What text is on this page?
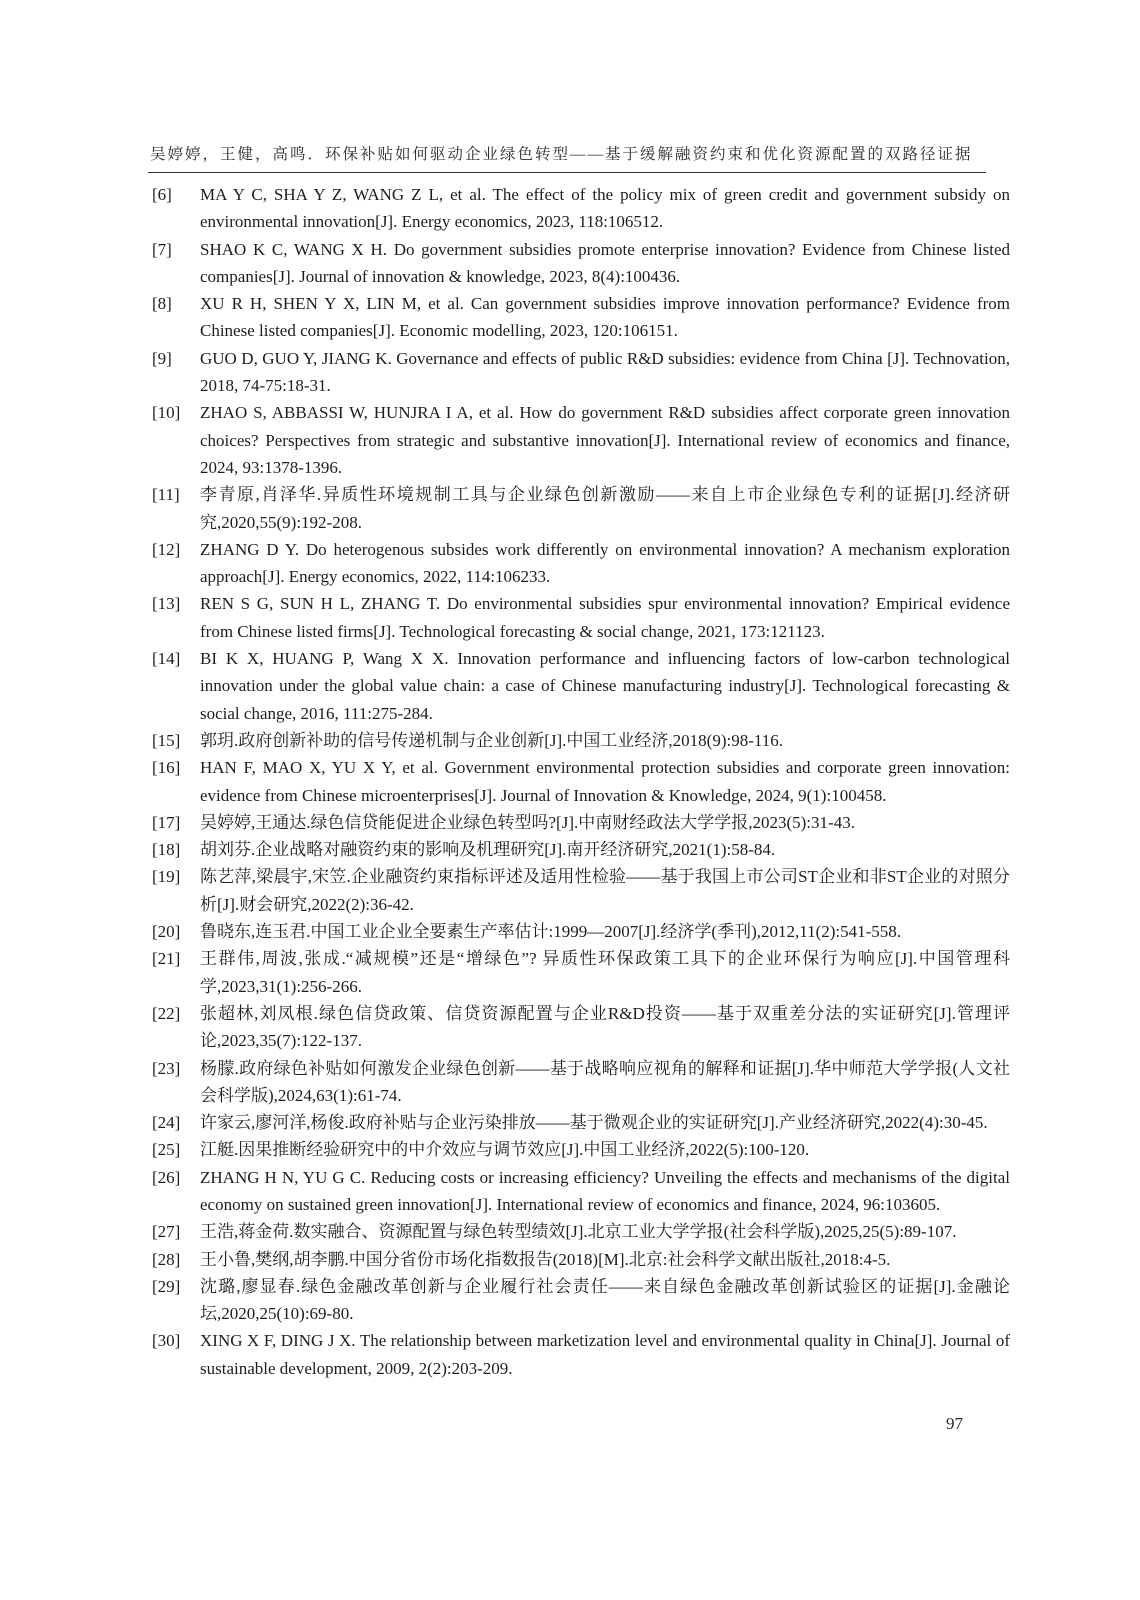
吴婷婷，王健，高鸣．环保补贴如何驱动企业绿色转型——基于缓解融资约束和优化资源配置的双路径证据
[6] MA Y C, SHA Y Z, WANG Z L, et al. The effect of the policy mix of green credit and government subsidy on environmental innovation[J]. Energy economics, 2023, 118:106512.
[7] SHAO K C, WANG X H. Do government subsidies promote enterprise innovation? Evidence from Chinese listed companies[J]. Journal of innovation & knowledge, 2023, 8(4):100436.
[8] XU R H, SHEN Y X, LIN M, et al. Can government subsidies improve innovation performance? Evidence from Chinese listed companies[J]. Economic modelling, 2023, 120:106151.
[9] GUO D, GUO Y, JIANG K. Governance and effects of public R&D subsidies: evidence from China [J]. Technovation, 2018, 74-75:18-31.
[10] ZHAO S, ABBASSI W, HUNJRA I A, et al. How do government R&D subsidies affect corporate green innovation choices? Perspectives from strategic and substantive innovation[J]. International review of economics and finance, 2024, 93:1378-1396.
[11] 李青原,肖泽华.异质性环境规制工具与企业绿色创新激励——来自上市企业绿色专利的证据[J].经济研究,2020,55(9):192-208.
[12] ZHANG D Y. Do heterogenous subsides work differently on environmental innovation? A mechanism exploration approach[J]. Energy economics, 2022, 114:106233.
[13] REN S G, SUN H L, ZHANG T. Do environmental subsidies spur environmental innovation? Empirical evidence from Chinese listed firms[J]. Technological forecasting & social change, 2021, 173:121123.
[14] BI K X, HUANG P, Wang X X. Innovation performance and influencing factors of low-carbon technological innovation under the global value chain: a case of Chinese manufacturing industry[J]. Technological forecasting & social change, 2016, 111:275-284.
[15] 郭玥.政府创新补助的信号传递机制与企业创新[J].中国工业经济,2018(9):98-116.
[16] HAN F, MAO X, YU X Y, et al. Government environmental protection subsidies and corporate green innovation: evidence from Chinese microenterprises[J]. Journal of Innovation & Knowledge, 2024, 9(1):100458.
[17] 吴婷婷,王通达.绿色信贷能促进企业绿色转型吗?[J].中南财经政法大学学报,2023(5):31-43.
[18] 胡刘芬.企业战略对融资约束的影响及机理研究[J].南开经济研究,2021(1):58-84.
[19] 陈艺萍,梁晨宇,宋笠.企业融资约束指标评述及适用性检验——基于我国上市公司ST企业和非ST企业的对照分析[J].财会研究,2022(2):36-42.
[20] 鲁晓东,连玉君.中国工业企业全要素生产率估计:1999—2007[J].经济学(季刊),2012,11(2):541-558.
[21] 王群伟,周波,张成.“减规模”还是“增绿色”? 异质性环保政策工具下的企业环保行为响应[J].中国管理科学,2023,31(1):256-266.
[22] 张超林,刘凤根.绿色信贷政策、信贷资源配置与企业R&D投资——基于双重差分法的实证研究[J].管理评论,2023,35(7):122-137.
[23] 杨朦.政府绿色补贴如何激发企业绿色创新——基于战略响应视角的解释和证据[J].华中师范大学学报(人文社会科学版),2024,63(1):61-74.
[24] 许家云,廖河洋,杨俊.政府补贴与企业污染排放——基于微观企业的实证研究[J].产业经济研究,2022(4):30-45.
[25] 江艇.因果推断经验研究中的中介效应与调节效应[J].中国工业经济,2022(5):100-120.
[26] ZHANG H N, YU G C. Reducing costs or increasing efficiency? Unveiling the effects and mechanisms of the digital economy on sustained green innovation[J]. International review of economics and finance, 2024, 96:103605.
[27] 王浩,蒋金荷.数实融合、资源配置与绿色转型绩效[J].北京工业大学学报(社会科学版),2025,25(5):89-107.
[28] 王小鲁,樊纲,胡李鹏.中国分省份市场化指数报告(2018)[M].北京:社会科学文献出版社,2018:4-5.
[29] 沈璐,廖显春.绿色金融改革创新与企业履行社会责任——来自绿色金融改革创新试验区的证据[J].金融论坛,2020,25(10):69-80.
[30] XING X F, DING J X. The relationship between marketization level and environmental quality in China[J]. Journal of sustainable development, 2009, 2(2):203-209.
97
